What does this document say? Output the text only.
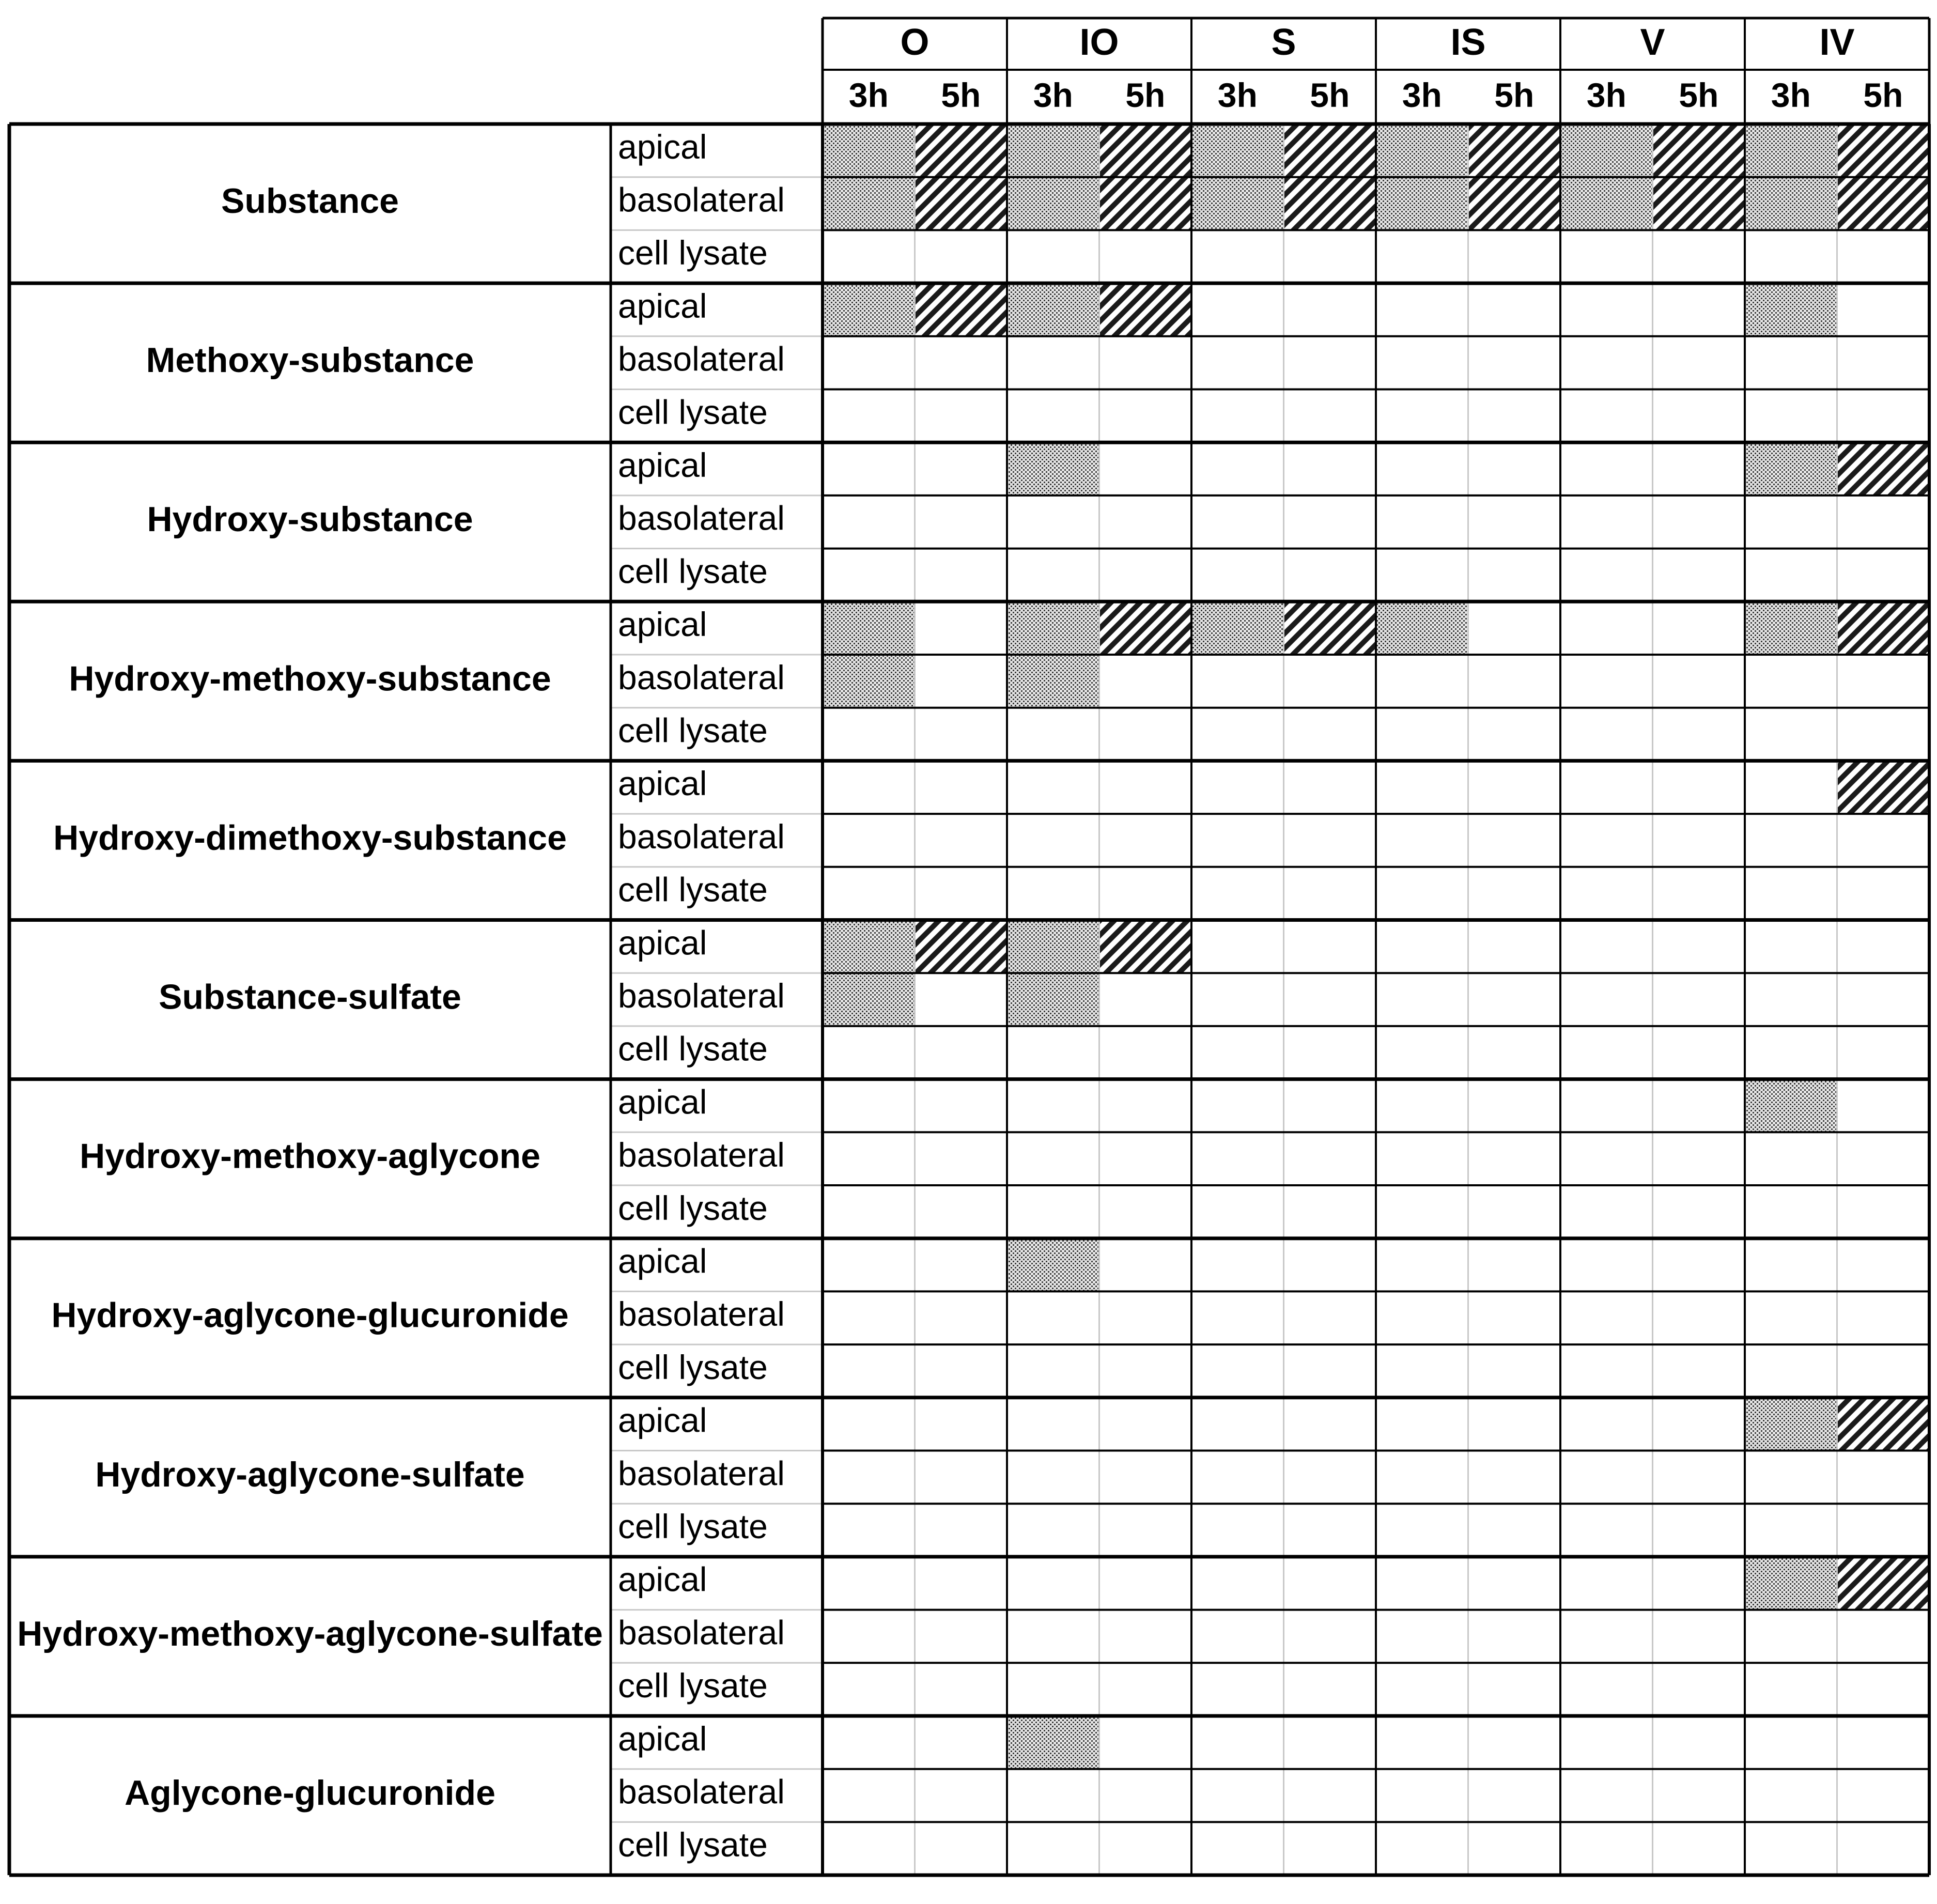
O
3h 5h
IO
3h 5h
S
3h 5h
IS
3h 5h
V
3h 5h
IV
3h 5h
Substance
apical
basolateral
cell lysate
Methoxy-substance
apical
basolateral
cell lysate
Hydroxy-substance
apical
basolateral
cell lysate
Hydroxy-methoxy-substance
apical
basolateral
cell lysate
Hydroxy-dimethoxy-substance
apical
basolateral
cell lysate
Substance-sulfate
apical
basolateral
cell lysate
Hydroxy-methoxy-aglycone
apical
basolateral
cell lysate
Hydroxy-aglycone-glucuronide
apical
basolateral
cell lysate
Hydroxy-aglycone-sulfate
apical
basolateral
cell lysate
Hydroxy-methoxy-aglycone-sulfate
apical
basolateral
cell lysate
Aglycone-glucuronide
apical
basolateral
cell lysate
